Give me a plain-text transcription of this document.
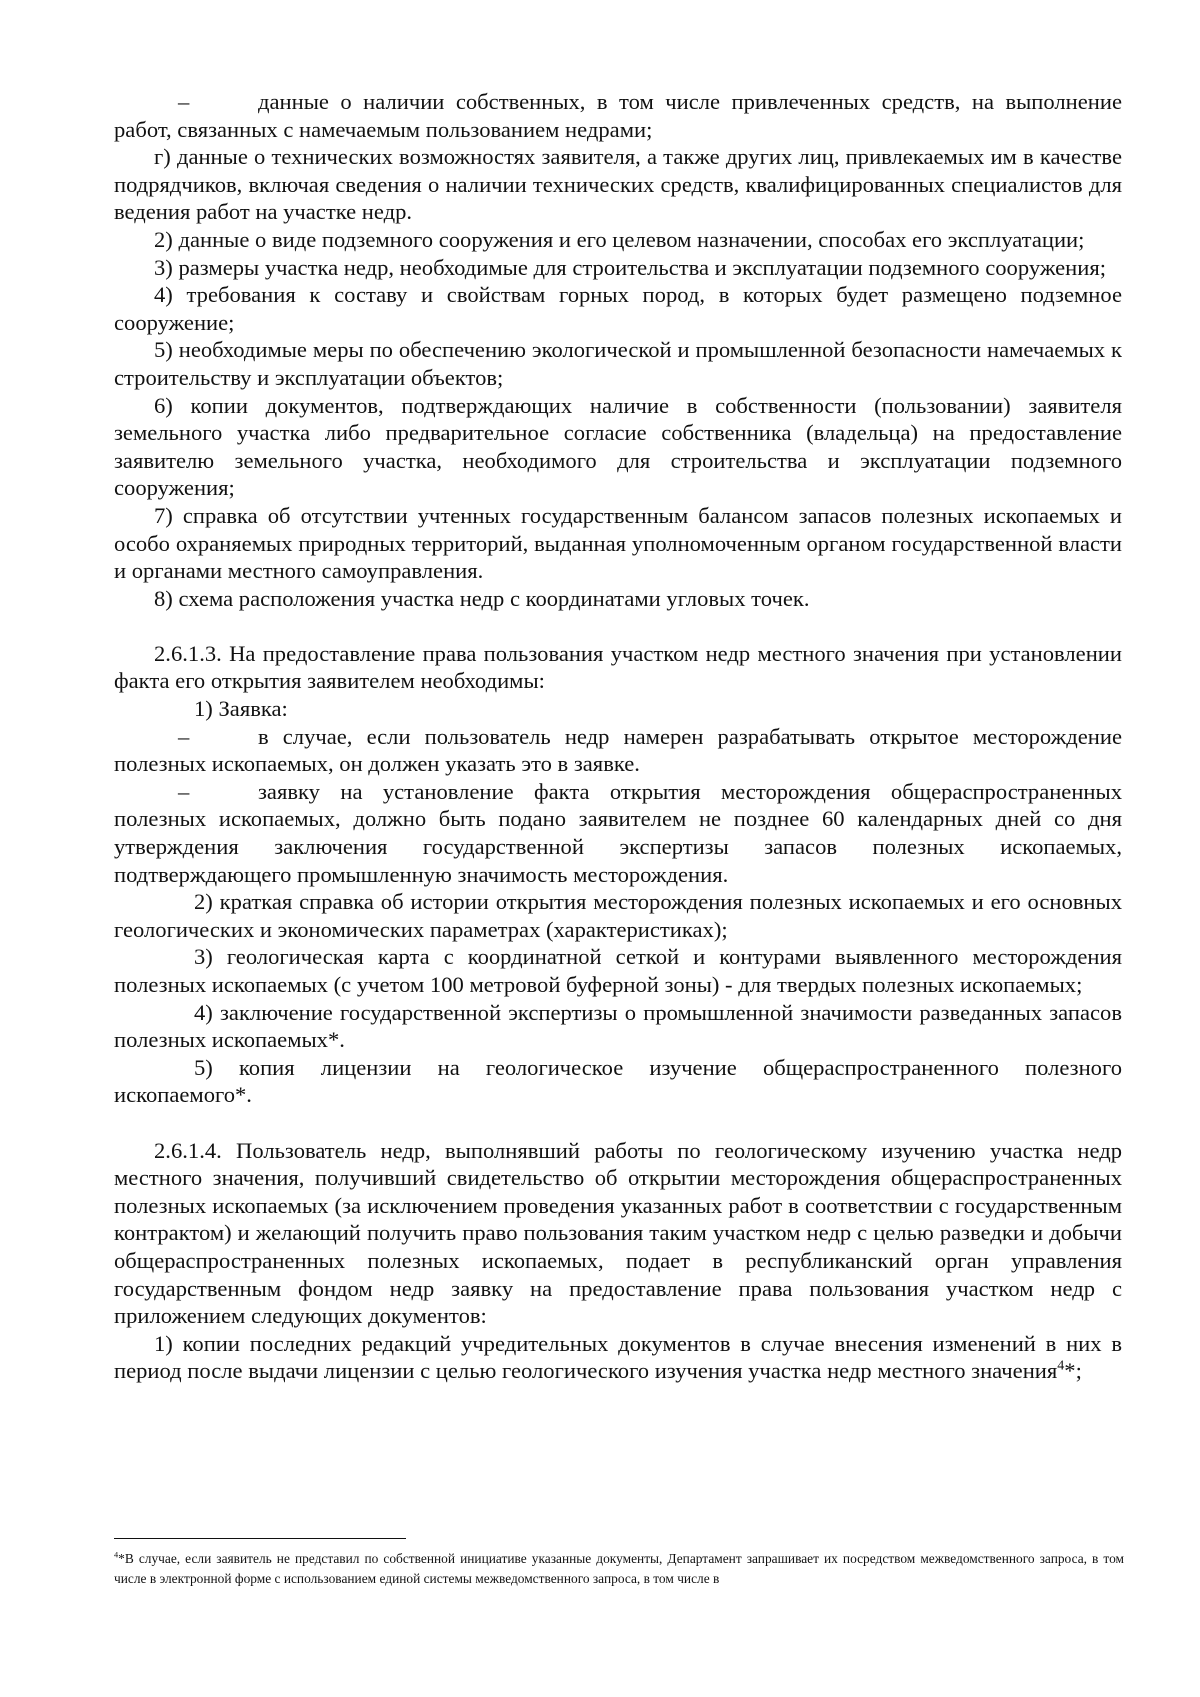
–	данные о наличии собственных, в том числе привлеченных средств, на выполнение работ, связанных с намечаемым пользованием недрами;

г) данные о технических возможностях заявителя, а также других лиц, привлекаемых им в качестве подрядчиков, включая сведения о наличии технических средств, квалифицированных специалистов для ведения работ на участке недр.

2) данные о виде подземного сооружения и его целевом назначении, способах его эксплуатации;

3) размеры участка недр, необходимые для строительства и эксплуатации подземного сооружения;

4) требования к составу и свойствам горных пород, в которых будет размещено подземное сооружение;

5) необходимые меры по обеспечению экологической и промышленной безопасности намечаемых к строительству и эксплуатации объектов;

6) копии документов, подтверждающих наличие в собственности (пользовании) заявителя земельного участка либо предварительное согласие собственника (владельца) на предоставление заявителю земельного участка, необходимого для строительства и эксплуатации подземного сооружения;

7) справка об отсутствии учтенных государственным балансом запасов полезных ископаемых и особо охраняемых природных территорий, выданная уполномоченным органом государственной власти и органами местного самоуправления.

8) схема расположения участка недр с координатами угловых точек.

2.6.1.3. На предоставление права пользования участком недр местного значения при установлении факта его открытия заявителем необходимы:

1) Заявка:

–	в случае, если пользователь недр намерен разрабатывать открытое месторождение полезных ископаемых, он должен указать это в заявке.

–	заявку на установление факта открытия месторождения общераспространенных полезных ископаемых, должно быть подано заявителем не позднее 60 календарных дней со дня утверждения заключения государственной экспертизы запасов полезных ископаемых, подтверждающего промышленную значимость месторождения.

2) краткая справка об истории открытия месторождения полезных ископаемых и его основных геологических и экономических параметрах (характеристиках);

3) геологическая карта с координатной сеткой и контурами выявленного месторождения полезных ископаемых (с учетом 100 метровой буферной зоны) - для твердых полезных ископаемых;

4) заключение государственной экспертизы о промышленной значимости разведанных запасов полезных ископаемых*.

5) копия лицензии на геологическое изучение общераспространенного полезного ископаемого*.

2.6.1.4. Пользователь недр, выполнявший работы по геологическому изучению участка недр местного значения, получивший свидетельство об открытии месторождения общераспространенных полезных ископаемых (за исключением проведения указанных работ в соответствии с государственным контрактом) и желающий получить право пользования таким участком недр с целью разведки и добычи общераспространенных полезных ископаемых, подает в республиканский орган управления государственным фондом недр заявку на предоставление права пользования участком недр с приложением следующих документов:

1) копии последних редакций учредительных документов в случае внесения изменений в них в период после выдачи лицензии с целью геологического изучения участка недр местного значения$^4$*;

$^4$*В случае, если заявитель не представил по собственной инициативе указанные документы, Департамент запрашивает их посредством межведомственного запроса, в том числе в электронной форме с использованием единой системы межведомственного запроса, в том числе в
